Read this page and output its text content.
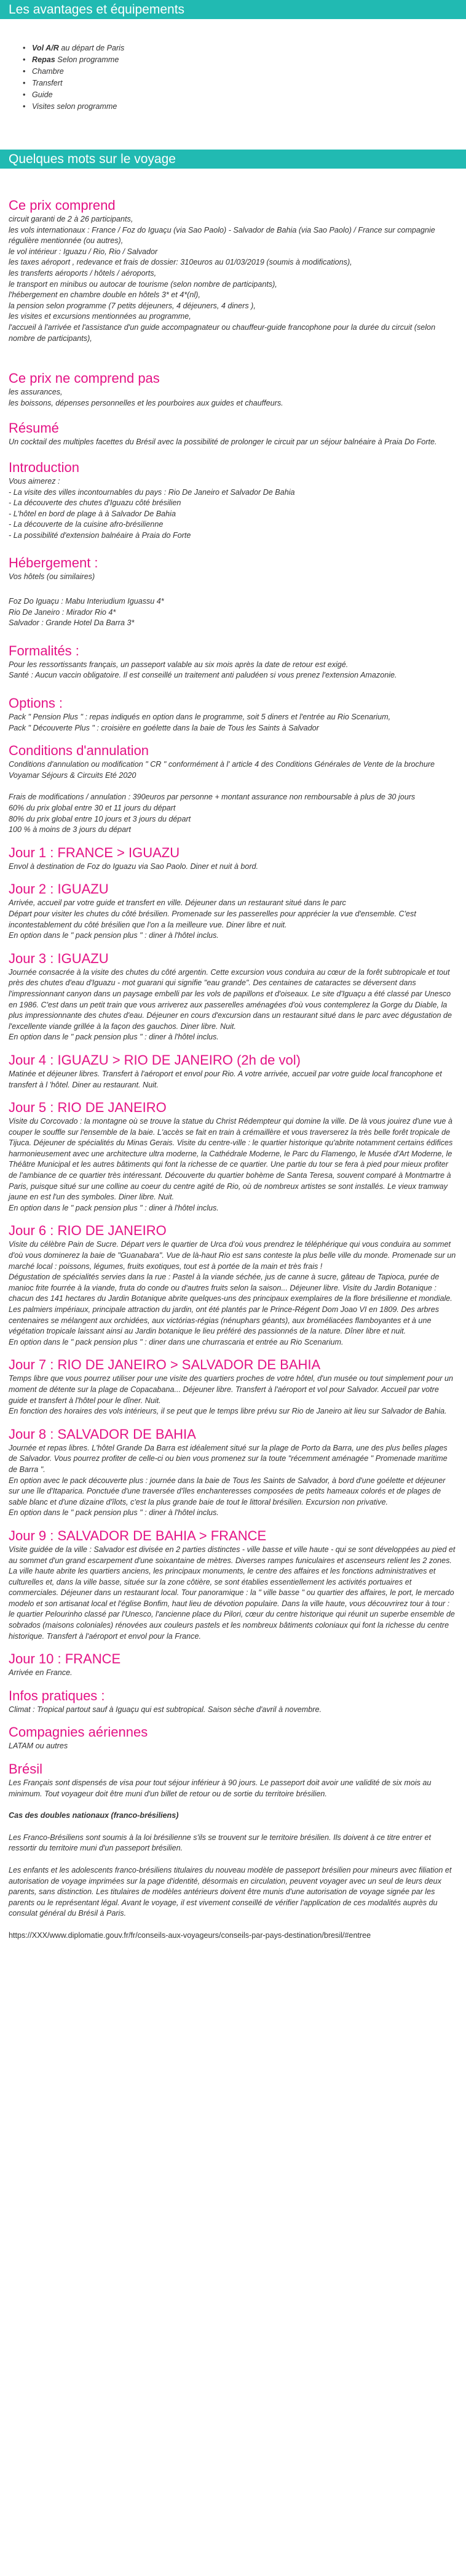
Les avantages et équipements
• Vol A/R au départ de Paris
• Repas Selon programme
• Chambre
• Transfert
• Guide
• Visites selon programme
Quelques mots sur le voyage
Ce prix comprend
circuit garanti de 2 à 26 participants,
les vols internationaux : France / Foz do Iguaçu (via Sao Paolo) - Salvador de Bahia (via Sao Paolo) / France sur compagnie régulière mentionnée (ou autres),
le vol intérieur : Iguazu / Rio, Rio / Salvador
les taxes aéroport , redevance et frais de dossier: 310euros au 01/03/2019 (soumis à modifications),
les transferts aéroports / hôtels / aéroports,
le transport en minibus ou autocar de tourisme (selon nombre de participants),
l'hébergement en chambre double en hôtels 3* et 4*(nl),
la pension selon programme (7 petits déjeuners, 4 déjeuners, 4 diners ),
les visites et excursions mentionnées au programme,
l'accueil à l'arrivée et l'assistance d'un guide accompagnateur ou chauffeur-guide francophone pour la durée du circuit (selon nombre de participants),
Ce prix ne comprend pas
les assurances,
les boissons, dépenses personnelles et les pourboires aux guides et chauffeurs.
Résumé

Un cocktail des multiples facettes du Brésil avec la possibilité de prolonger le circuit par un séjour balnéaire à Praia Do Forte.

Introduction
Vous aimerez :
- La visite des villes incontournables du pays : Rio De Janeiro et Salvador De Bahia
- La découverte des chutes d'Iguazu côté brésilien
- L'hôtel en bord de plage à à Salvador De Bahia
- La découverte de la cuisine afro-brésilienne
- La possibilité d'extension balnéaire à Praia do Forte
Hébergement :

Vos hôtels (ou similaires)

Foz Do Iguaçu : Mabu Interiudium Iguassu 4*
Rio De Janeiro : Mirador Rio 4*
Salvador : Grande Hotel Da Barra 3*
Formalités :
Pour les ressortissants français, un passeport valable au six mois après la date de retour est exigé.
Santé : Aucun vaccin obligatoire. Il est conseillé un traitement anti paludéen si vous prenez l'extension Amazonie.
Options :
Pack " Pension Plus " : repas indiqués en option dans le programme, soit 5 diners et l'entrée au Rio Scenarium,
Pack " Découverte Plus " : croisière en goélette dans la baie de Tous les Saints à Salvador
Conditions d'annulation

Conditions d'annulation ou modification " CR " conformément à l' article 4 des Conditions Générales de Vente de la brochure Voyamar Séjours & Circuits Eté 2020

Frais de modifications / annulation : 390euros par personne + montant assurance non remboursable à plus de 30 jours
60% du prix global entre 30 et 11 jours du départ
80% du prix global entre 10 jours et 3 jours du départ
100 % à moins de 3 jours du départ
Jour 1 : FRANCE > IGUAZU

Envol à destination de Foz do Iguazu via Sao Paolo. Diner et nuit à bord.

Jour 2 : IGUAZU

Arrivée, accueil par votre guide et transfert en ville. Déjeuner dans un restaurant situé dans le parc
Départ pour visiter les chutes du côté brésilien. Promenade sur les passerelles pour apprécier la vue d'ensemble. C'est incontestablement du côté brésilien que l'on a la meilleure vue. Diner libre et nuit.
En option dans le " pack pension plus " : diner à l'hôtel inclus.

Jour 3 : IGUAZU

Journée consacrée à la visite des chutes du côté argentin. Cette excursion vous conduira au cœur de la forêt subtropicale et tout près des chutes d'eau d'Iguazu - mot guarani qui signifie "eau grande". Des centaines de cataractes se déversent dans l'impressionnant canyon dans un paysage embelli par les vols de papillons et d'oiseaux. Le site d'Iguaçu a été classé par Unesco en 1986. C'est dans un petit train que vous arriverez aux passerelles aménagées d'où vous contemplerez la Gorge du Diable, la plus impressionnante des chutes d'eau. Déjeuner en cours d'excursion dans un restaurant situé dans le parc avec dégustation de l'excellente viande grillée à la façon des gauchos. Diner libre. Nuit.
En option dans le " pack pension plus " : diner à l'hôtel inclus.

Jour 4 : IGUAZU > RIO DE JANEIRO (2h de vol)

Matinée et déjeuner libres. Transfert à l'aéroport et envol pour Rio. A votre arrivée, accueil par votre guide local francophone et transfert à l 'hôtel. Diner au restaurant. Nuit.

Jour 5 : RIO DE JANEIRO

Visite du Corcovado : la montagne où se trouve la statue du Christ Rédempteur qui domine la ville. De là vous jouirez d'une vue à couper le souffle sur l'ensemble de la baie. L'accès se fait en train à crémaillère et vous traverserez la très belle forêt tropicale de Tijuca. Déjeuner de spécialités du Minas Gerais. Visite du centre-ville : le quartier historique qu'abrite notamment certains édifices harmonieusement avec une architecture ultra moderne, la Cathédrale Moderne, le Parc du Flamengo, le Musée d'Art Moderne, le Théâtre Municipal et les autres bâtiments qui font la richesse de ce quartier. Une partie du tour se fera à pied pour mieux profiter de l'ambiance de ce quartier très intéressant. Découverte du quartier bohème de Santa Teresa, souvent comparé à Montmartre à Paris, puisque situé sur une colline au coeur du centre agité de Rio, où de nombreux artistes se sont installés. Le vieux tramway jaune en est l'un des symboles. Diner libre. Nuit.
En option dans le " pack pension plus " : diner à l'hôtel inclus.

Jour 6 : RIO DE JANEIRO

Visite du célèbre Pain de Sucre. Départ vers le quartier de Urca d'où vous prendrez le téléphérique qui vous conduira au sommet d'où vous dominerez la baie de "Guanabara". Vue de là-haut Rio est sans conteste la plus belle ville du monde. Promenade sur un marché local : poissons, légumes, fruits exotiques, tout est à portée de la main et très frais !
Dégustation de spécialités servies dans la rue : Pastel à la viande séchée, jus de canne à sucre, gâteau de Tapioca, purée de manioc frite fourrée à la viande, fruta do conde ou d'autres fruits selon la saison... Déjeuner libre. Visite du Jardin Botanique : chacun des 141 hectares du Jardin Botanique abrite quelques-uns des principaux exemplaires de la flore brésilienne et mondiale. Les palmiers impériaux, principale attraction du jardin, ont été plantés par le Prince-Régent Dom Joao VI en 1809. Des arbres centenaires se mélangent aux orchidées, aux victórias-régias (nénuphars géants), aux broméliacées flamboyantes et à une végétation tropicale laissant ainsi au Jardin botanique le lieu préféré des passionnés de la nature. Dîner libre et nuit.
En option dans le " pack pension plus " : diner dans une churrascaria et entrée au Rio Scenarium.

Jour 7 : RIO DE JANEIRO > SALVADOR DE BAHIA

Temps libre que vous pourrez utiliser pour une visite des quartiers proches de votre hôtel, d'un musée ou tout simplement pour un moment de détente sur la plage de Copacabana... Déjeuner libre. Transfert à l'aéroport et vol pour Salvador. Accueil par votre guide et transfert à l'hôtel pour le dîner. Nuit.
En fonction des horaires des vols intérieurs, il se peut que le temps libre prévu sur Rio de Janeiro ait lieu sur Salvador de Bahia.

Jour 8 : SALVADOR DE BAHIA

Journée et repas libres. L'hôtel Grande Da Barra est idéalement situé sur la plage de Porto da Barra, une des plus belles plages de Salvador. Vous pourrez profiter de celle-ci ou bien vous promenez sur la toute "récemment aménagée " Promenade maritime de Barra ".
En option avec le pack découverte plus : journée dans la baie de Tous les Saints de Salvador, à bord d'une goélette et déjeuner sur une île d'Itaparica. Ponctuée d'une traversée d'îles enchanteresses composées de petits hameaux colorés et de plages de sable blanc et d'une dizaine d'îlots, c'est la plus grande baie de tout le littoral brésilien. Excursion non privative.
En option dans le " pack pension plus " : diner à l'hôtel inclus.

Jour 9 : SALVADOR DE BAHIA > FRANCE

Visite guidée de la ville : Salvador est divisée en 2 parties distinctes - ville basse et ville haute - qui se sont développées au pied et au sommet d'un grand escarpement d'une soixantaine de mètres. Diverses rampes funiculaires et ascenseurs relient les 2 zones. La ville haute abrite les quartiers anciens, les principaux monuments, le centre des affaires et les fonctions administratives et culturelles et, dans la ville basse, située sur la zone côtière, se sont établies essentiellement les activités portuaires et commerciales. Déjeuner dans un restaurant local. Tour panoramique : la " ville basse " ou quartier des affaires, le port, le mercado modelo et son artisanat local et l'église Bonfim, haut lieu de dévotion populaire. Dans la ville haute, vous découvrirez tour à tour : le quartier Pelourinho classé par l'Unesco, l'ancienne place du Pilori, cœur du centre historique qui réunit un superbe ensemble de sobrados (maisons coloniales) rénovées aux couleurs pastels et les nombreux bâtiments coloniaux qui font la richesse du centre historique. Transfert à l'aéroport et envol pour la France.

Jour 10 : FRANCE

Arrivée en France.

Infos pratiques :

Climat : Tropical partout sauf à Iguaçu qui est subtropical. Saison sèche d'avril à novembre.

Compagnies aériennes

LATAM ou autres

Brésil

Les Français sont dispensés de visa pour tout séjour inférieur à 90 jours. Le passeport doit avoir une validité de six mois au minimum. Tout voyageur doit être muni d'un billet de retour ou de sortie du territoire brésilien.

Cas des doubles nationaux (franco-brésiliens)

Les Franco-Brésiliens sont soumis à la loi brésilienne s'ils se trouvent sur le territoire brésilien. Ils doivent à ce titre entrer et ressortir du territoire muni d'un passeport brésilien.

Les enfants et les adolescents franco-brésiliens titulaires du nouveau modèle de passeport brésilien pour mineurs avec filiation et autorisation de voyage imprimées sur la page d'identité, désormais en circulation, peuvent voyager avec un seul de leurs deux parents, sans distinction. Les titulaires de modèles antérieurs doivent être munis d'une autorisation de voyage signée par les parents ou le représentant légal. Avant le voyage, il est vivement conseillé de vérifier l'application de ces modalités auprès du consulat général du Brésil à Paris.

https://XXX/www.diplomatie.gouv.fr/fr/conseils-aux-voyageurs/conseils-par-pays-destination/bresil/#entree
